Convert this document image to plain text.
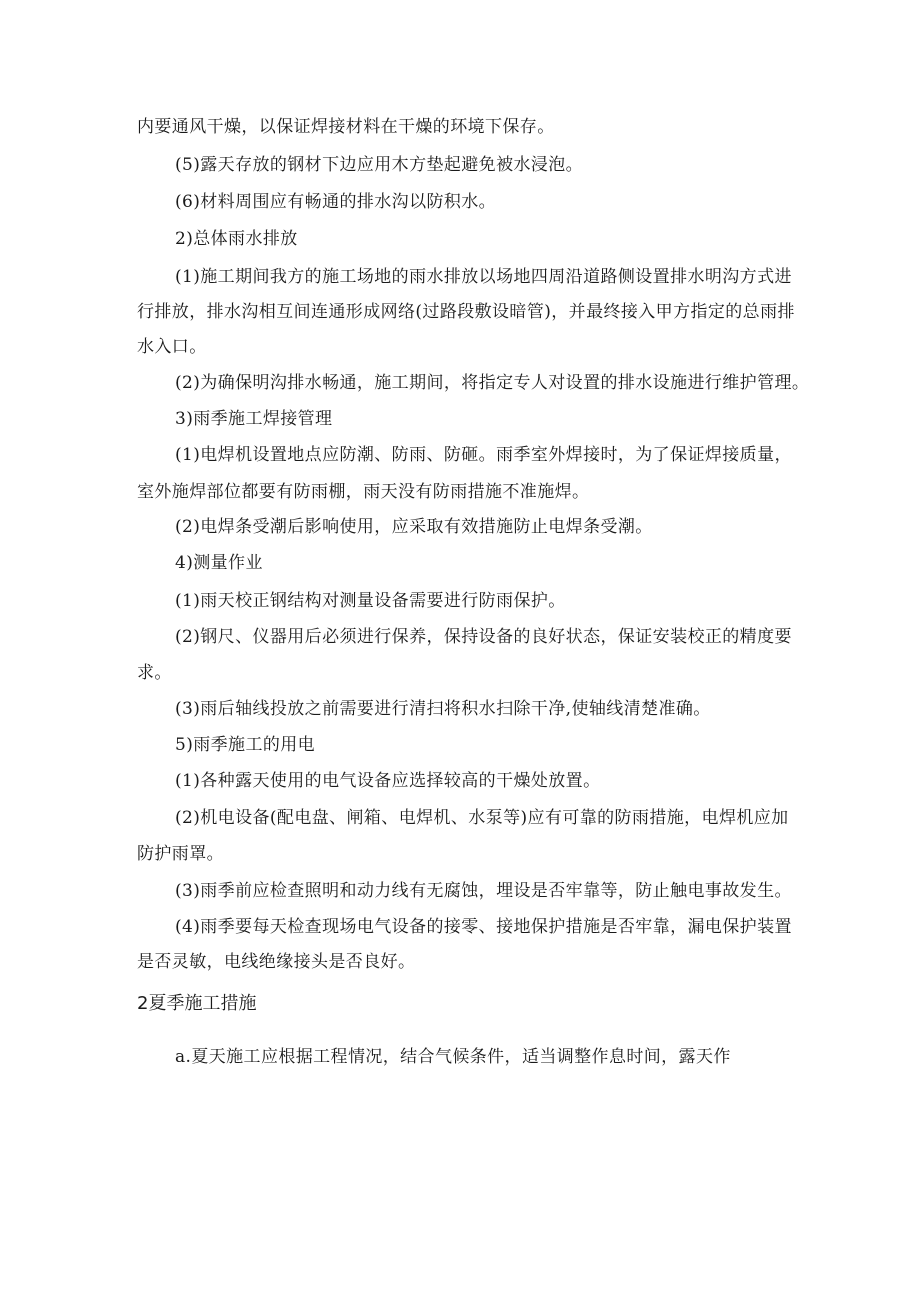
内要通风干燥，以保证焊接材料在干燥的环境下保存。
(5)露天存放的钢材下边应用木方垫起避免被水浸泡。
(6)材料周围应有畅通的排水沟以防积水。
2)总体雨水排放
(1)施工期间我方的施工场地的雨水排放以场地四周沿道路侧设置排水明沟方式进
行排放，排水沟相互间连通形成网络(过路段敷设暗管)，并最终接入甲方指定的总雨排
水入口。
(2)为确保明沟排水畅通，施工期间，将指定专人对设置的排水设施进行维护管理。
3)雨季施工焊接管理
(1)电焊机设置地点应防潮、防雨、防砸。雨季室外焊接时，为了保证焊接质量，
室外施焊部位都要有防雨棚，雨天没有防雨措施不准施焊。
(2)电焊条受潮后影响使用，应采取有效措施防止电焊条受潮。
4)测量作业
(1)雨天校正钢结构对测量设备需要进行防雨保护。
(2)钢尺、仪器用后必须进行保养，保持设备的良好状态，保证安装校正的精度要
求。
(3)雨后轴线投放之前需要进行清扫将积水扫除干净,使轴线清楚准确。
5)雨季施工的用电
(1)各种露天使用的电气设备应选择较高的干燥处放置。
(2)机电设备(配电盘、闸箱、电焊机、水泵等)应有可靠的防雨措施，电焊机应加
防护雨罩。
(3)雨季前应检查照明和动力线有无腐蚀，埋设是否牢靠等，防止触电事故发生。
(4)雨季要每天检查现场电气设备的接零、接地保护措施是否牢靠，漏电保护装置
是否灵敏，电线绝缘接头是否良好。
2夏季施工措施
a.夏天施工应根据工程情况，结合气候条件，适当调整作息时间，露天作
